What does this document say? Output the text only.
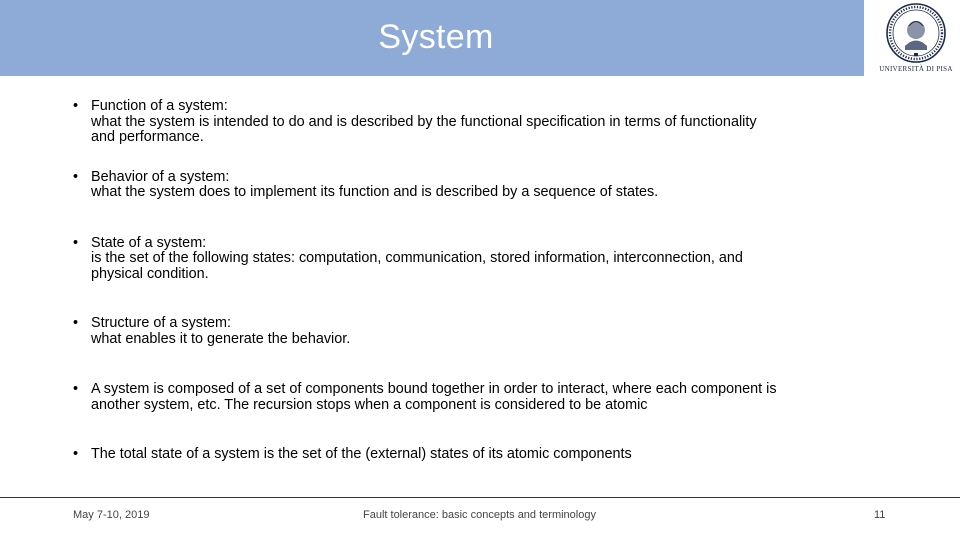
System
UNIVERSITÀ DI PISA
• Function of a system:
what the system is intended to do and is described by the functional specification in terms of functionality
and performance.
• Behavior of a system:
what the system does to implement its function and is described by a sequence of states.
• State of a system:
is the set of the following states: computation, communication, stored information, interconnection, and
physical condition.
• Structure of a system:
what enables it to generate the behavior.
• A system is composed of a set of components bound together in order to interact, where each component is
another system, etc. The recursion stops when a component is considered to be atomic
• The total state of a system is the set of the (external) states of its atomic components
May 7-10, 2019	Fault tolerance: basic concepts and terminology	11
